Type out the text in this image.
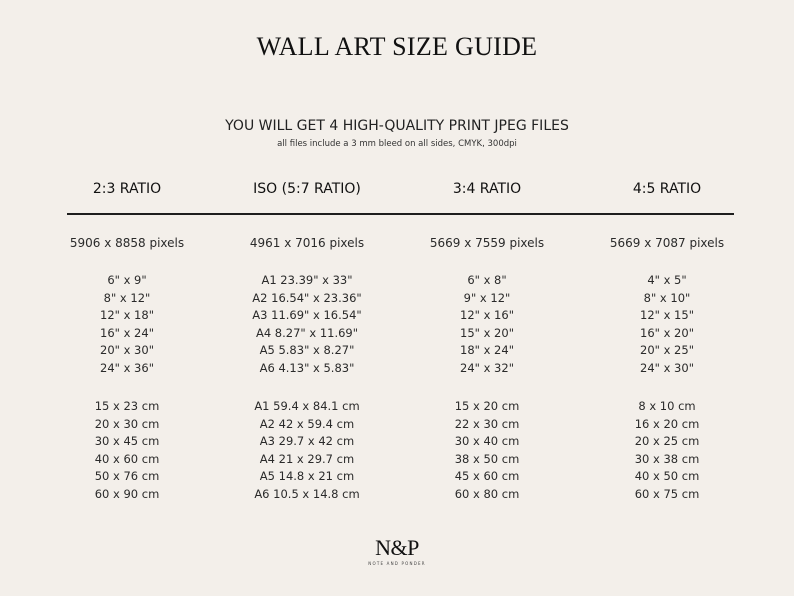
WALL ART SIZE GUIDE
YOU WILL GET 4 HIGH-QUALITY PRINT JPEG FILES
all files include a 3 mm bleed on all sides, CMYK, 300dpi
2:3 RATIO
5906 x 8858 pixels
6" x 9"
8" x 12"
12" x 18"
16" x 24"
20" x 30"
24" x 36"
15 x 23 cm
20 x 30 cm
30 x 45 cm
40 x 60 cm
50 x 76 cm
60 x 90 cm
ISO (5:7 RATIO)
4961 x 7016 pixels
A1 23.39" x 33"
A2 16.54" x 23.36"
A3 11.69" x 16.54"
A4 8.27" x 11.69"
A5 5.83" x 8.27"
A6 4.13" x 5.83"
A1 59.4 x 84.1 cm
A2 42 x 59.4 cm
A3 29.7 x 42 cm
A4 21 x 29.7 cm
A5 14.8 x 21 cm
A6 10.5 x 14.8 cm
3:4 RATIO
5669 x 7559 pixels
6" x 8"
9" x 12"
12" x 16"
15" x 20"
18" x 24"
24" x 32"
15 x 20 cm
22 x 30 cm
30 x 40 cm
38 x 50 cm
45 x 60 cm
60 x 80 cm
4:5 RATIO
5669 x 7087 pixels
4" x 5"
8" x 10"
12" x 15"
16" x 20"
20" x 25"
24" x 30"
8 x 10 cm
16 x 20 cm
20 x 25 cm
30 x 38 cm
40 x 50 cm
60 x 75 cm
N&P
NOTE AND PONDER
